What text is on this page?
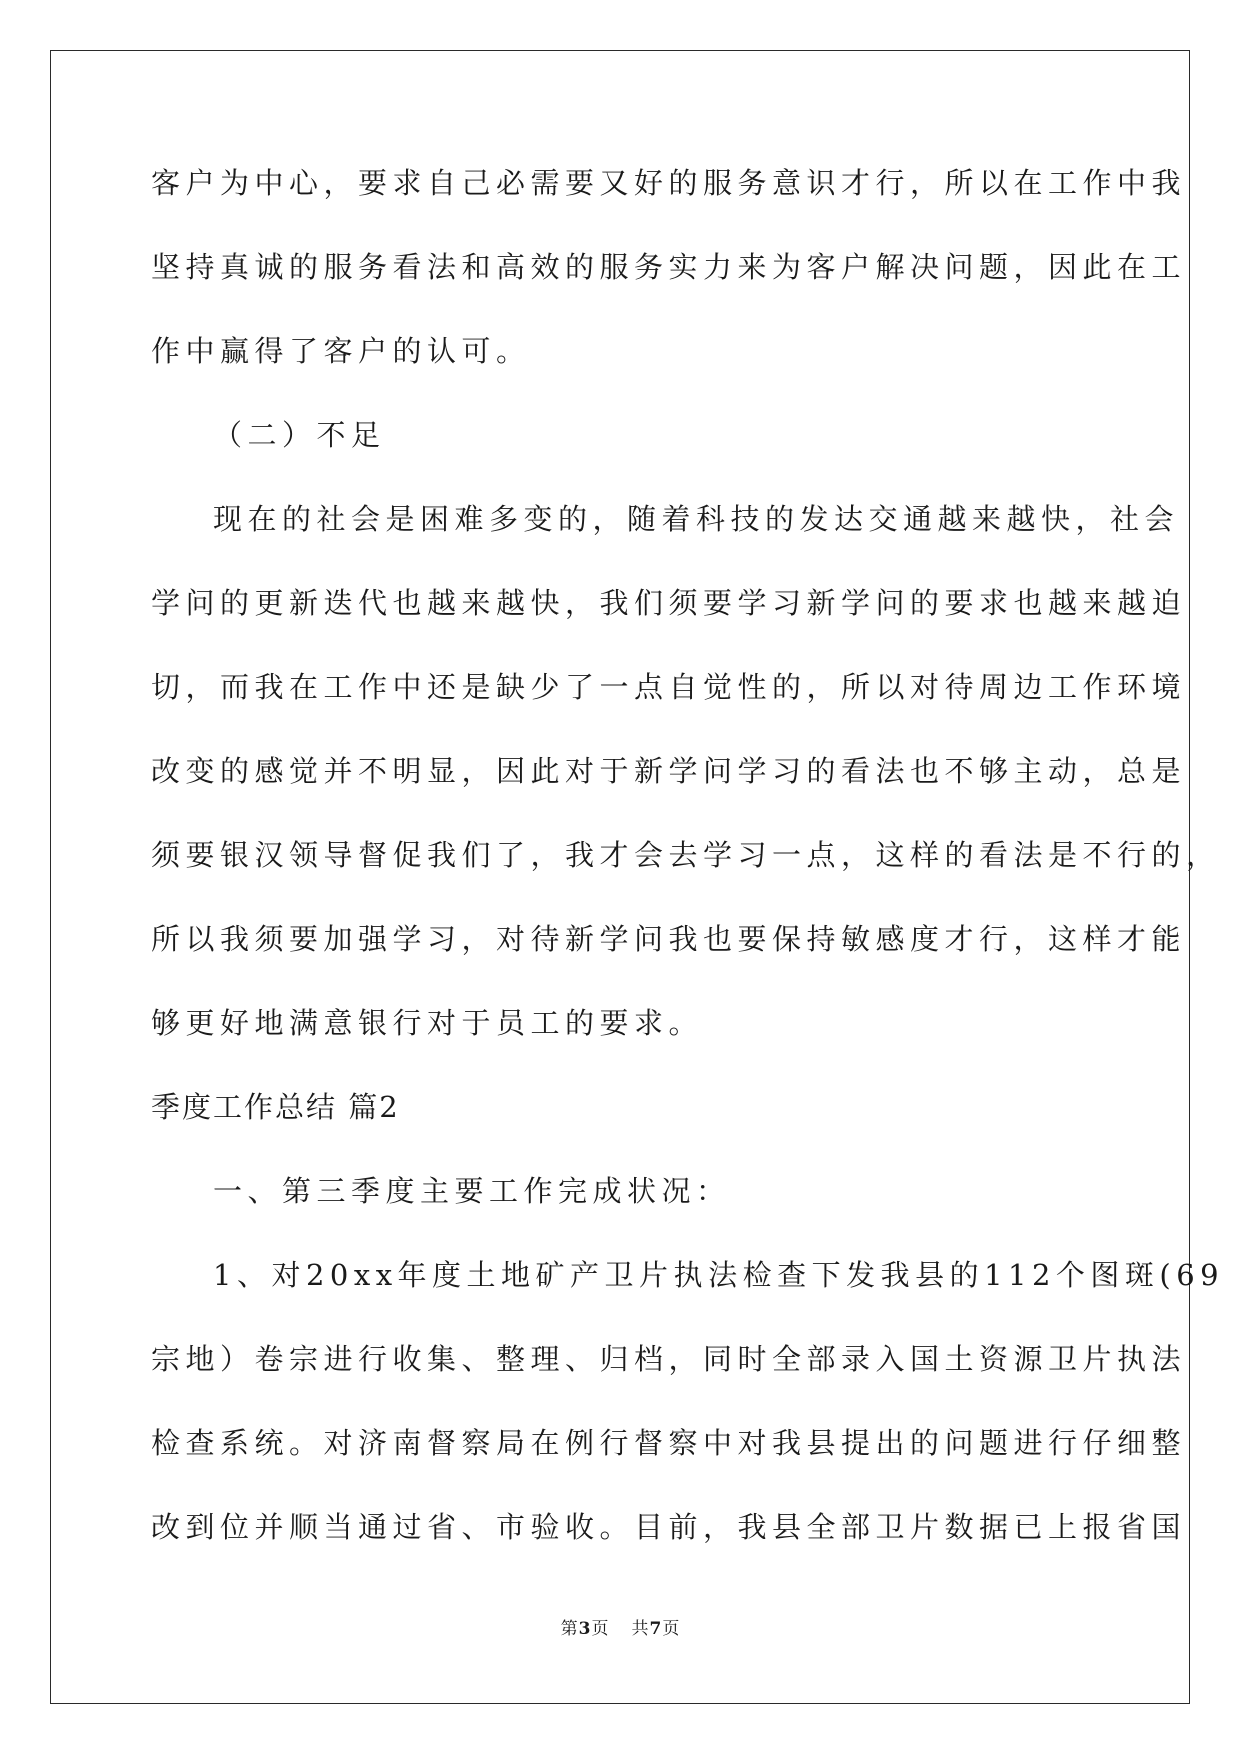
客户为中心，要求自己必需要又好的服务意识才行，所以在工作中我
坚持真诚的服务看法和高效的服务实力来为客户解决问题，因此在工
作中赢得了客户的认可。
（二）不足
现在的社会是困难多变的，随着科技的发达交通越来越快，社会
学问的更新迭代也越来越快，我们须要学习新学问的要求也越来越迫
切，而我在工作中还是缺少了一点自觉性的，所以对待周边工作环境
改变的感觉并不明显，因此对于新学问学习的看法也不够主动，总是
须要银汉领导督促我们了，我才会去学习一点，这样的看法是不行的，
所以我须要加强学习，对待新学问我也要保持敏感度才行，这样才能
够更好地满意银行对于员工的要求。
季度工作总结 篇2
一、第三季度主要工作完成状况：
1、对20xx年度土地矿产卫片执法检查下发我县的112个图斑(69
宗地）卷宗进行收集、整理、归档，同时全部录入国土资源卫片执法
检查系统。对济南督察局在例行督察中对我县提出的问题进行仔细整
改到位并顺当通过省、市验收。目前，我县全部卫片数据已上报省国
第3页 共7页
